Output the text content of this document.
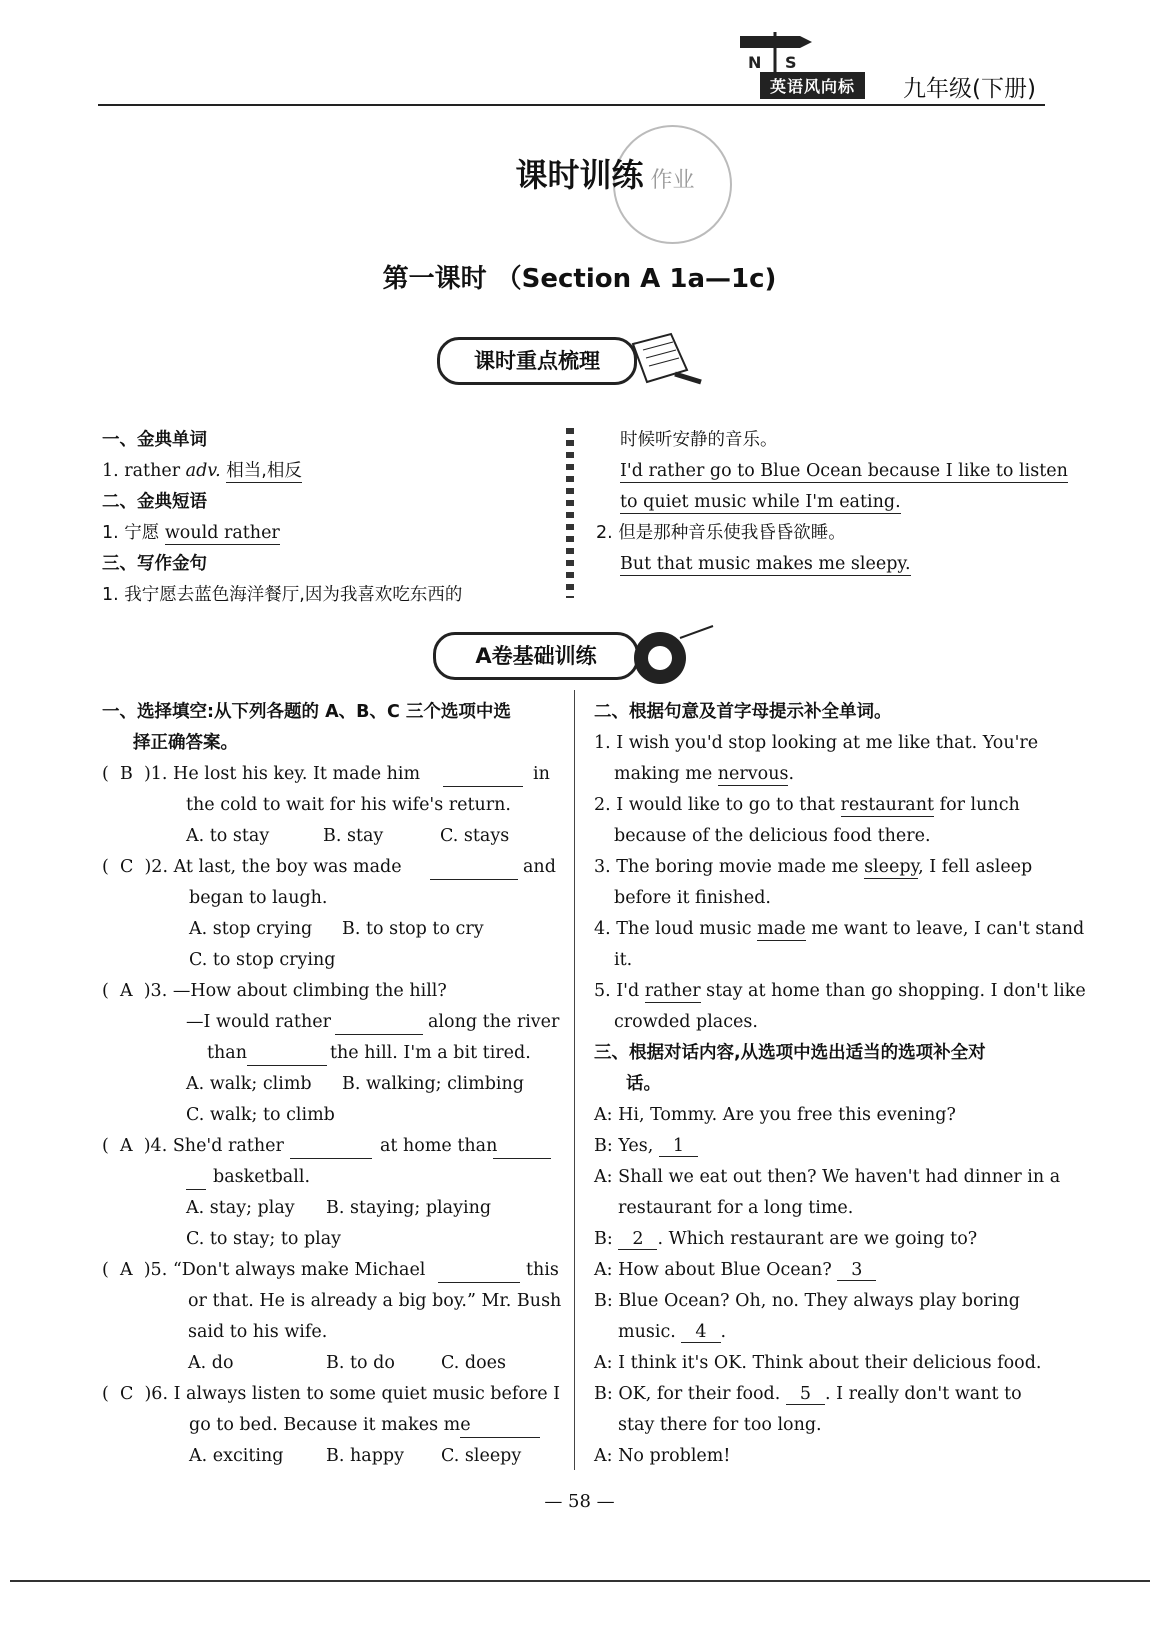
N S
英语风向标	九年级(下册)

作业

课时训练
第一课时 （Section A 1a—1c)
课时重点梳理
一、金典单词
1. rather adv. 相当,相反
二、金典短语
1. 宁愿 would rather
三、写作金句
1. 我宁愿去蓝色海洋餐厅,因为我喜欢吃东西的
时候听安静的音乐。
I'd rather go to Blue Ocean because I like to listen
to quiet music while I'm eating.
2. 但是那种音乐使我昏昏欲睡。
But that music makes me sleepy.
A卷基础训练
一、选择填空:从下列各题的 A、B、C 三个选项中选
择正确答案。
(  B )1. He lost his key. It made him	in
the cold to wait for his wife's return.
A. to stay	B. stay	C. stays
(  C )2. At last, the boy was made	and
began to laugh.
A. stop crying B. to stop to cry
C. to stop crying
(  A )3. —How about climbing the hill?
—I would rather	along the river
than	the hill. I'm a bit tired.
A. walk; climb B. walking; climbing
C. walk; to climb
(  A )4. She'd rather	at home than
basketball.
A. stay; play B. staying; playing
C. to stay; to play
(  A )5. “Don't always make Michael	this
or that. He is already a big boy.” Mr. Bush
said to his wife.
A. do	B. to do	C. does
(  C )6. I always listen to some quiet music before I
go to bed. Because it makes me
A. exciting B. happy C. sleepy
二、根据句意及首字母提示补全单词。
1. I wish you'd stop looking at me like that. You're
making me nervous.
2. I would like to go to that restaurant for lunch
because of the delicious food there.
3. The boring movie made me sleepy, I fell asleep
before it finished.
4. The loud music made me want to leave, I can't stand
it.
5. I'd rather stay at home than go shopping. I don't like
crowded places.
三、根据对话内容,从选项中选出适当的选项补全对
话。
A: Hi, Tommy. Are you free this evening?
B: Yes, 1
A: Shall we eat out then? We haven't had dinner in a
restaurant for a long time.
B: 2 . Which restaurant are we going to?
A: How about Blue Ocean? 3
B: Blue Ocean? Oh, no. They always play boring
music. 4 .
A: I think it's OK. Think about their delicious food.
B: OK, for their food. 5 . I really don't want to
stay there for too long.
A: No problem!
— 58 —
